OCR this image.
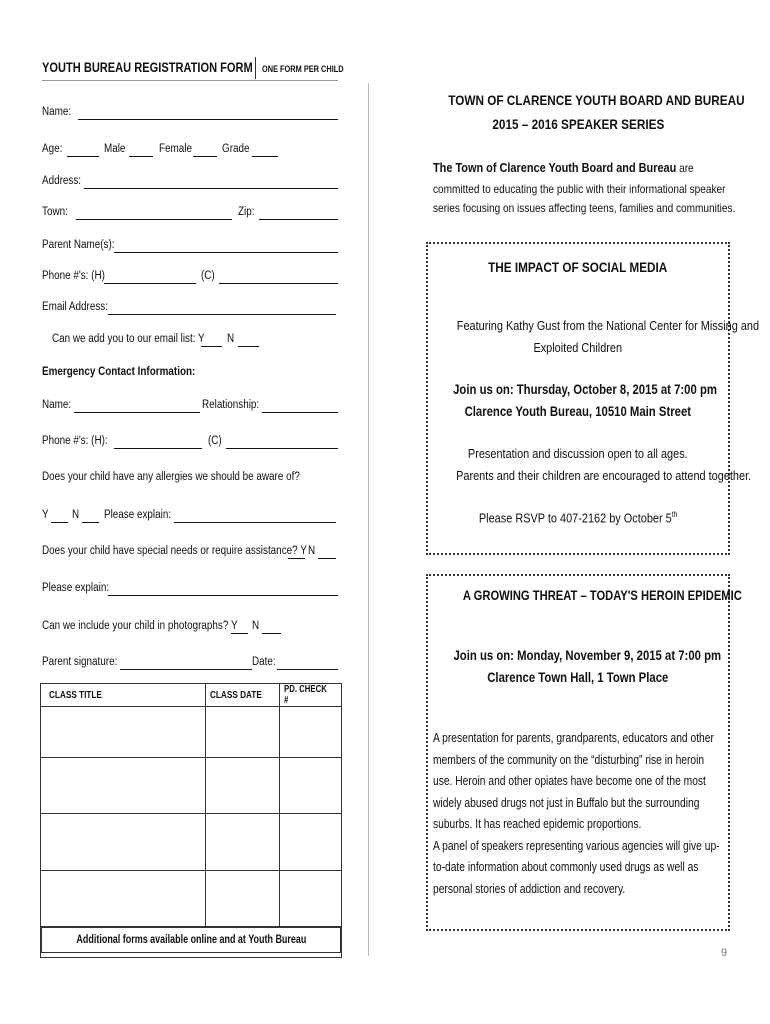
YOUTH BUREAU REGISTRATION FORM ONE FORM PER CHILD
Name:
Age:	Male	Female	Grade
Address:
Town:	Zip:
Parent Name(s):
Phone #'s: (H)	(C)
Email Address:
Can we add you to our email list: Y N
Emergency Contact Information:
Name:	Relationship:
Phone #'s: (H):	(C)
Does your child have any allergies we should be aware of?
Y N Please explain:
Does your child have special needs or require assistance? Y N
Please explain:
Can we include your child in photographs? Y N
Parent signature:	Date:
CLASS TITLE	CLASS DATE	PD. CHECK #

Additional forms available online and at Youth Bureau
TOWN OF CLARENCE YOUTH BOARD AND BUREAU
2015 – 2016 SPEAKER SERIES
The Town of Clarence Youth Board and Bureau are
committed to educating the public with their informational speaker
series focusing on issues affecting teens, families and communities.
THE IMPACT OF SOCIAL MEDIA
Featuring Kathy Gust from the National Center for Missing and
Exploited Children
Join us on: Thursday, October 8, 2015 at 7:00 pm
Clarence Youth Bureau, 10510 Main Street
Presentation and discussion open to all ages.
Parents and their children are encouraged to attend together.
Please RSVP to 407-2162 by October 5th
A GROWING THREAT – TODAY'S HEROIN EPIDEMIC
Join us on: Monday, November 9, 2015 at 7:00 pm
Clarence Town Hall, 1 Town Place
A presentation for parents, grandparents, educators and other
members of the community on the “disturbing” rise in heroin
use. Heroin and other opiates have become one of the most
widely abused drugs not just in Buffalo but the surrounding
suburbs. It has reached epidemic proportions.
A panel of speakers representing various agencies will give up-
to-date information about commonly used drugs as well as
personal stories of addiction and recovery.
9
